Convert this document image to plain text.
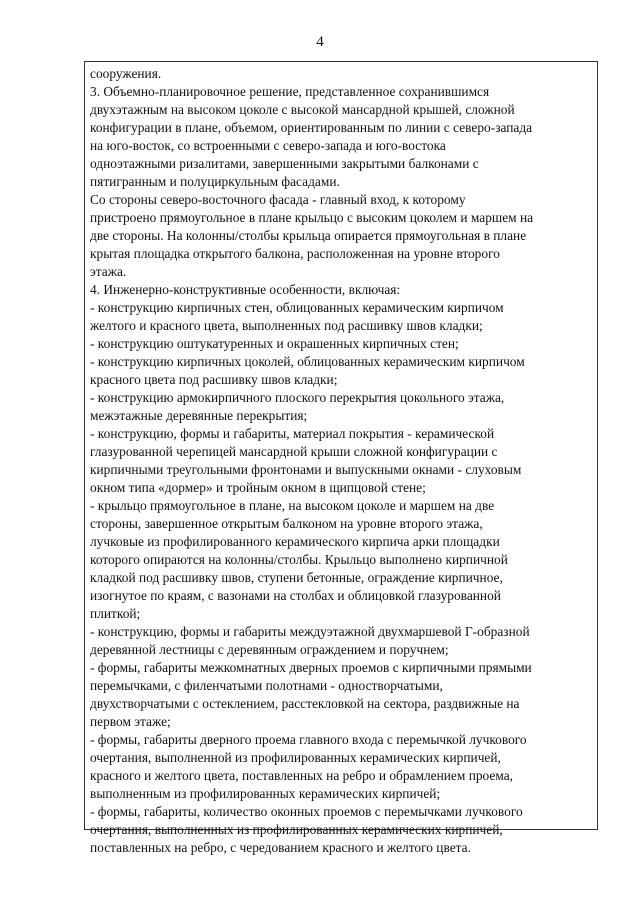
4
сооружения.
3. Объемно-планировочное решение, представленное сохранившимся
двухэтажным на высоком цоколе с высокой мансардной крышей, сложной
конфигурации в плане, объемом, ориентированным по линии с северо-запада
на юго-восток, со встроенными с северо-запада и юго-востока
одноэтажными ризалитами, завершенными закрытыми балконами с
пятигранным и полуциркульным фасадами.
Со стороны северо-восточного фасада - главный вход, к которому
пристроено прямоугольное в плане крыльцо с высоким цоколем и маршем на
две стороны. На колонны/столбы крыльца опирается прямоугольная в плане
крытая площадка открытого балкона, расположенная на уровне второго
этажа.
4. Инженерно-конструктивные особенности, включая:
- конструкцию кирпичных стен, облицованных керамическим кирпичом
желтого и красного цвета, выполненных под расшивку швов кладки;
- конструкцию оштукатуренных и окрашенных кирпичных стен;
- конструкцию кирпичных цоколей, облицованных керамическим кирпичом
красного цвета под расшивку швов кладки;
- конструкцию армокирпичного плоского перекрытия цокольного этажа,
межэтажные деревянные перекрытия;
- конструкцию, формы и габариты, материал покрытия - керамической
глазурованной черепицей мансардной крыши сложной конфигурации с
кирпичными треугольными фронтонами и выпускными окнами - слуховым
окном типа «дормер» и тройным окном в щипцовой стене;
- крыльцо прямоугольное в плане, на высоком цоколе и маршем на две
стороны, завершенное открытым балконом на уровне второго этажа,
лучковые из профилированного керамического кирпича арки площадки
которого опираются на колонны/столбы. Крыльцо выполнено кирпичной
кладкой под расшивку швов, ступени бетонные, ограждение кирпичное,
изогнутое по краям, с вазонами на столбах и облицовкой глазурованной
плиткой;
- конструкцию, формы и габариты междуэтажной двухмаршевой Г-образной
деревянной лестницы с деревянным ограждением и поручнем;
- формы, габариты межкомнатных дверных проемов с кирпичными прямыми
перемычками, с филенчатыми полотнами - одностворчатыми,
двухстворчатыми с остеклением, расстекловкой на сектора, раздвижные на
первом этаже;
- формы, габариты дверного проема главного входа с перемычкой лучкового
очертания, выполненной из профилированных керамических кирпичей,
красного и желтого цвета, поставленных на ребро и обрамлением проема,
выполненным из профилированных керамических кирпичей;
- формы, габариты, количество оконных проемов с перемычками лучкового
очертания, выполненных из профилированных керамических кирпичей,
поставленных на ребро, с чередованием красного и желтого цвета.
